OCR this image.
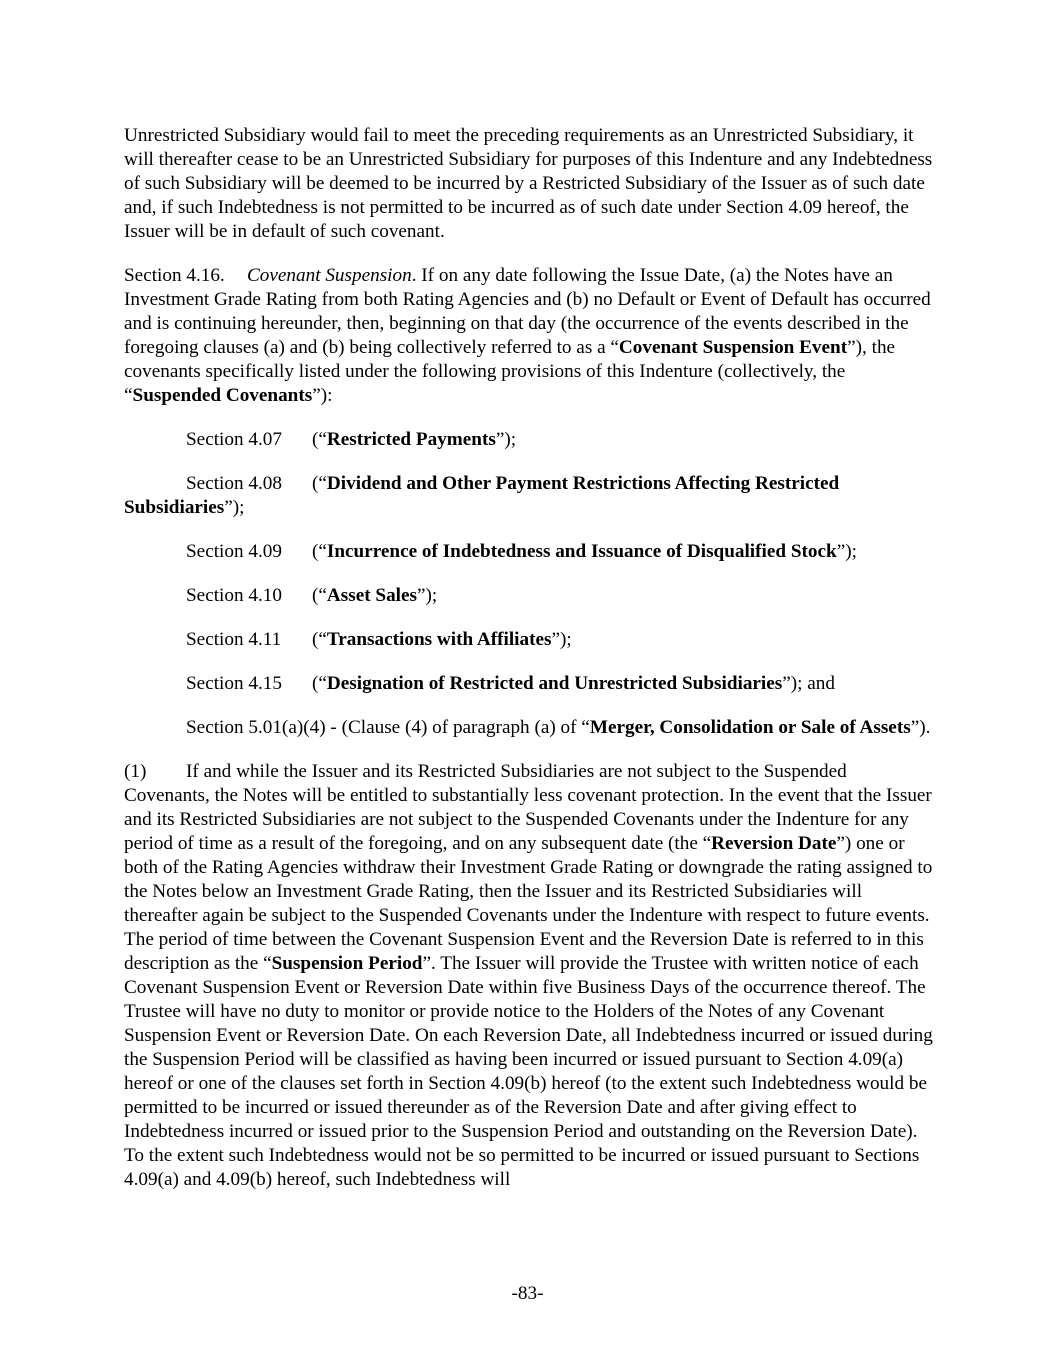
Unrestricted Subsidiary would fail to meet the preceding requirements as an Unrestricted Subsidiary, it will thereafter cease to be an Unrestricted Subsidiary for purposes of this Indenture and any Indebtedness of such Subsidiary will be deemed to be incurred by a Restricted Subsidiary of the Issuer as of such date and, if such Indebtedness is not permitted to be incurred as of such date under Section 4.09 hereof, the Issuer will be in default of such covenant.

Section 4.16. Covenant Suspension. If on any date following the Issue Date, (a) the Notes have an Investment Grade Rating from both Rating Agencies and (b) no Default or Event of Default has occurred and is continuing hereunder, then, beginning on that day (the occurrence of the events described in the foregoing clauses (a) and (b) being collectively referred to as a “Covenant Suspension Event”), the covenants specifically listed under the following provisions of this Indenture (collectively, the “Suspended Covenants”):

Section 4.07 (“Restricted Payments”);

Section 4.08 (“Dividend and Other Payment Restrictions Affecting Restricted Subsidiaries”);

Section 4.09 (“Incurrence of Indebtedness and Issuance of Disqualified Stock”);

Section 4.10 (“Asset Sales”);

Section 4.11 (“Transactions with Affiliates”);

Section 4.15 (“Designation of Restricted and Unrestricted Subsidiaries”); and

Section 5.01(a)(4) - (Clause (4) of paragraph (a) of “Merger, Consolidation or Sale of Assets”).

(1) If and while the Issuer and its Restricted Subsidiaries are not subject to the Suspended Covenants, the Notes will be entitled to substantially less covenant protection. In the event that the Issuer and its Restricted Subsidiaries are not subject to the Suspended Covenants under the Indenture for any period of time as a result of the foregoing, and on any subsequent date (the “Reversion Date”) one or both of the Rating Agencies withdraw their Investment Grade Rating or downgrade the rating assigned to the Notes below an Investment Grade Rating, then the Issuer and its Restricted Subsidiaries will thereafter again be subject to the Suspended Covenants under the Indenture with respect to future events. The period of time between the Covenant Suspension Event and the Reversion Date is referred to in this description as the “Suspension Period”. The Issuer will provide the Trustee with written notice of each Covenant Suspension Event or Reversion Date within five Business Days of the occurrence thereof. The Trustee will have no duty to monitor or provide notice to the Holders of the Notes of any Covenant Suspension Event or Reversion Date. On each Reversion Date, all Indebtedness incurred or issued during the Suspension Period will be classified as having been incurred or issued pursuant to Section 4.09(a) hereof or one of the clauses set forth in Section 4.09(b) hereof (to the extent such Indebtedness would be permitted to be incurred or issued thereunder as of the Reversion Date and after giving effect to Indebtedness incurred or issued prior to the Suspension Period and outstanding on the Reversion Date). To the extent such Indebtedness would not be so permitted to be incurred or issued pursuant to Sections 4.09(a) and 4.09(b) hereof, such Indebtedness will

-83-
